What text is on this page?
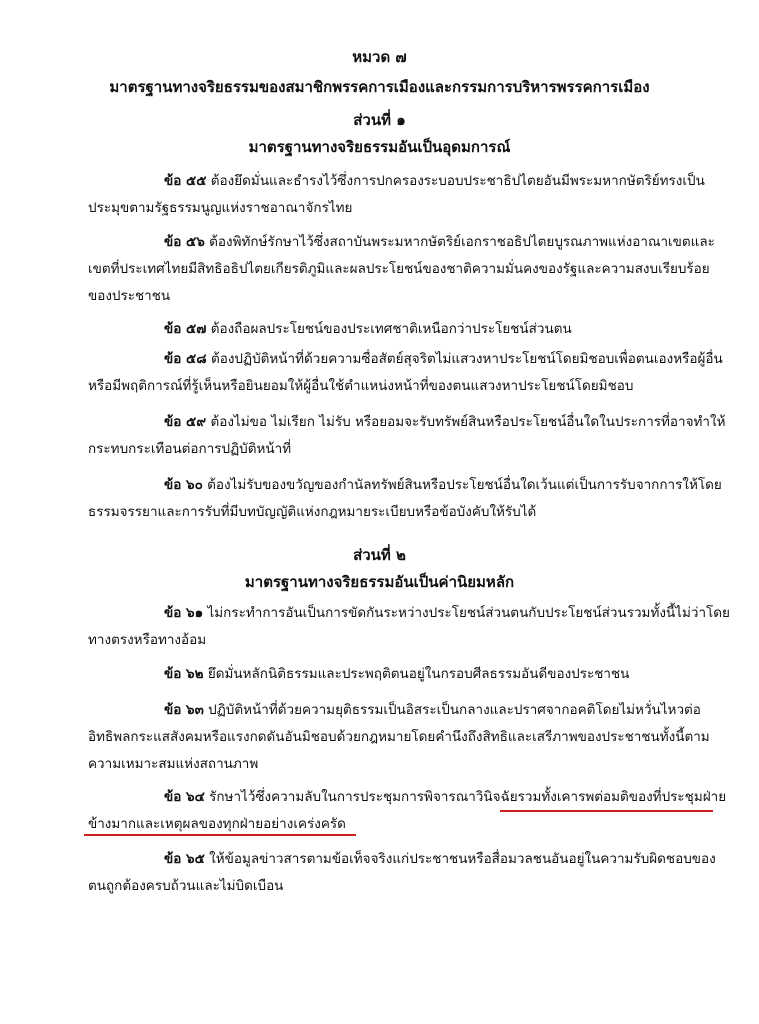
หมวด ๗
มาตรฐานทางจริยธรรมของสมาชิกพรรคการเมืองและกรรมการบริหารพรรคการเมือง
ส่วนที่ ๑
มาตรฐานทางจริยธรรมอันเป็นอุดมการณ์
ข้อ ๕๕ ต้องยึดมั่นและธำรงไว้ซึ่งการปกครองระบอบประชาธิปไตยอันมีพระมหากษัตริย์ทรงเป็น
ประมุขตามรัฐธรรมนูญแห่งราชอาณาจักรไทย
ข้อ ๕๖ ต้องพิทักษ์รักษาไว้ซึ่งสถาบันพระมหากษัตริย์เอกราชอธิปไตยบูรณภาพแห่งอาณาเขตและ
เขตที่ประเทศไทยมีสิทธิอธิปไตยเกียรติภูมิและผลประโยชน์ของชาติความมั่นคงของรัฐและความสงบเรียบร้อย
ของประชาชน
ข้อ ๕๗ ต้องถือผลประโยชน์ของประเทศชาติเหนือกว่าประโยชน์ส่วนตน
ข้อ ๕๘ ต้องปฏิบัติหน้าที่ด้วยความซื่อสัตย์สุจริตไม่แสวงหาประโยชน์โดยมิชอบเพื่อตนเองหรือผู้อื่น
หรือมีพฤติการณ์ที่รู้เห็นหรือยินยอมให้ผู้อื่นใช้ตำแหน่งหน้าที่ของตนแสวงหาประโยชน์โดยมิชอบ
ข้อ ๕๙ ต้องไม่ขอ ไม่เรียก ไม่รับ หรือยอมจะรับทรัพย์สินหรือประโยชน์อื่นใดในประการที่อาจทำให้
กระทบกระเทือนต่อการปฏิบัติหน้าที่
ข้อ ๖๐ ต้องไม่รับของขวัญของกำนัลทรัพย์สินหรือประโยชน์อื่นใดเว้นแต่เป็นการรับจากการให้โดย
ธรรมจรรยาและการรับที่มีบทบัญญัติแห่งกฎหมายระเบียบหรือข้อบังคับให้รับได้
ส่วนที่ ๒
มาตรฐานทางจริยธรรมอันเป็นค่านิยมหลัก
ข้อ ๖๑ ไม่กระทำการอันเป็นการขัดกันระหว่างประโยชน์ส่วนตนกับประโยชน์ส่วนรวมทั้งนี้ไม่ว่าโดย
ทางตรงหรือทางอ้อม
ข้อ ๖๒ ยึดมั่นหลักนิติธรรมและประพฤติตนอยู่ในกรอบศีลธรรมอันดีของประชาชน
ข้อ ๖๓ ปฏิบัติหน้าที่ด้วยความยุติธรรมเป็นอิสระเป็นกลางและปราศจากอคติโดยไม่หวั่นไหวต่อ
อิทธิพลกระแสสังคมหรือแรงกดดันอันมิชอบด้วยกฎหมายโดยคำนึงถึงสิทธิและเสรีภาพของประชาชนทั้งนี้ตาม
ความเหมาะสมแห่งสถานภาพ
ข้อ ๖๔ รักษาไว้ซึ่งความลับในการประชุมการพิจารณาวินิจฉัยรวมทั้งเคารพต่อมติของที่ประชุมฝ่าย
ข้างมากและเหตุผลของทุกฝ่ายอย่างเคร่งครัด
ข้อ ๖๕ ให้ข้อมูลข่าวสารตามข้อเท็จจริงแก่ประชาชนหรือสื่อมวลชนอันอยู่ในความรับผิดชอบของ
ตนถูกต้องครบถ้วนและไม่บิดเบือน
